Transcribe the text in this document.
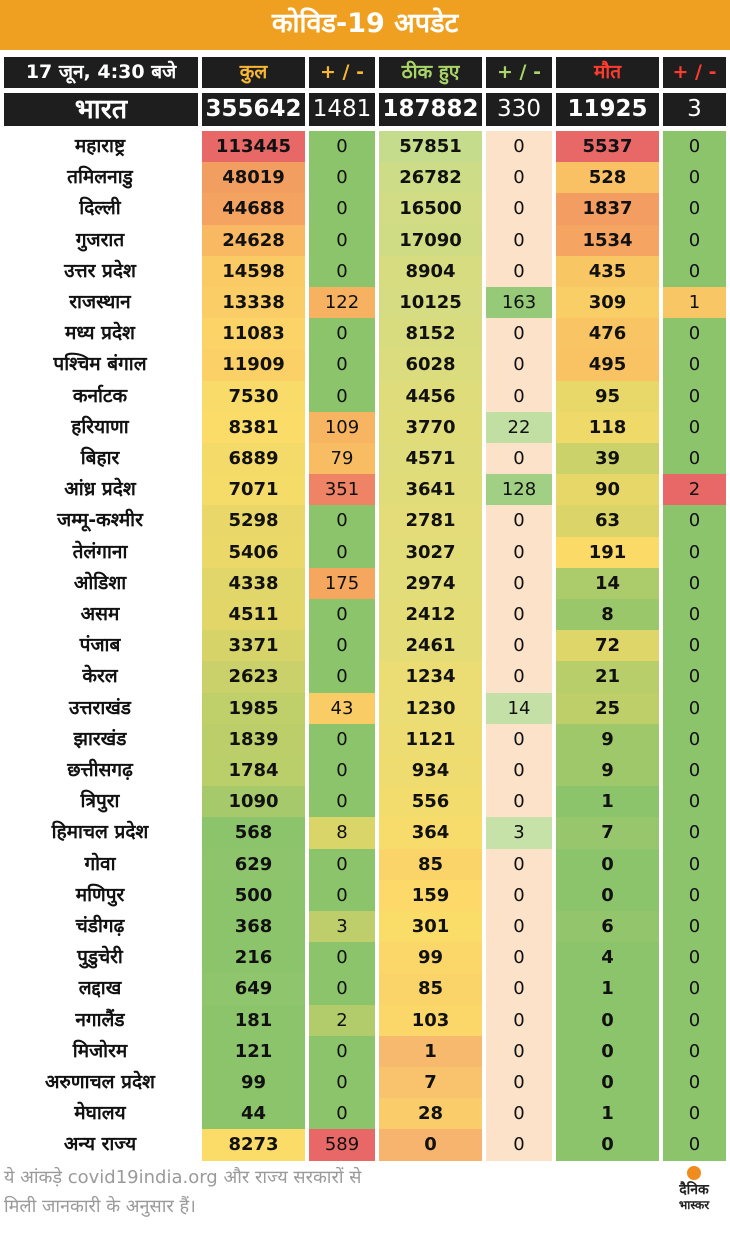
कोविड-19 अपडेट
17 जून, 4:30 बजे	कुल	+ / -	ठीक हुए	+ / -	मौत	+ / -
भारत	355642 1481 187882 330	11925	3
महाराष्ट्र	113445	0	57851	0	5537	0
तमिलनाडु	48019	0	26782	0	528	0
दिल्ली	44688	0	16500	0	1837	0
गुजरात	24628	0	17090	0	1534	0
उत्तर प्रदेश	14598	0	8904	0	435	0
राजस्थान	13338	122	10125	163	309	1
मध्य प्रदेश	11083	0	8152	0	476	0
पश्चिम बंगाल	11909	0	6028	0	495	0
कर्नाटक	7530	0	4456	0	95	0
हरियाणा	8381	109	3770	22	118	0
बिहार	6889	79	4571	0	39	0
आंध्र प्रदेश	7071	351	3641	128	90	2
जम्मू-कश्मीर	5298	0	2781	0	63	0
तेलंगाना	5406	0	3027	0	191	0
ओडिशा	4338	175	2974	0	14	0
असम	4511	0	2412	0	8	0
पंजाब	3371	0	2461	0	72	0
केरल	2623	0	1234	0	21	0
उत्तराखंड	1985	43	1230	14	25	0
झारखंड	1839	0	1121	0	9	0
छत्तीसगढ़	1784	0	934	0	9	0
त्रिपुरा	1090	0	556	0	1	0
हिमाचल प्रदेश	568	8	364	3	7	0
गोवा	629	0	85	0	0	0
मणिपुर	500	0	159	0	0	0
चंडीगढ़	368	3	301	0	6	0
पुडुचेरी	216	0	99	0	4	0
लद्दाख	649	0	85	0	1	0
नगालैंड	181	2	103	0	0	0
मिजोरम	121	0	1	0	0	0
अरुणाचल प्रदेश	99	0	7	0	0	0
मेघालय	44	0	28	0	1	0
अन्य राज्य	8273	589	0	0	0	0
ये आंकड़े covid19india.org और राज्य सरकारों से
मिली जानकारी के अनुसार हैं।
दैनिक
भास्कर
